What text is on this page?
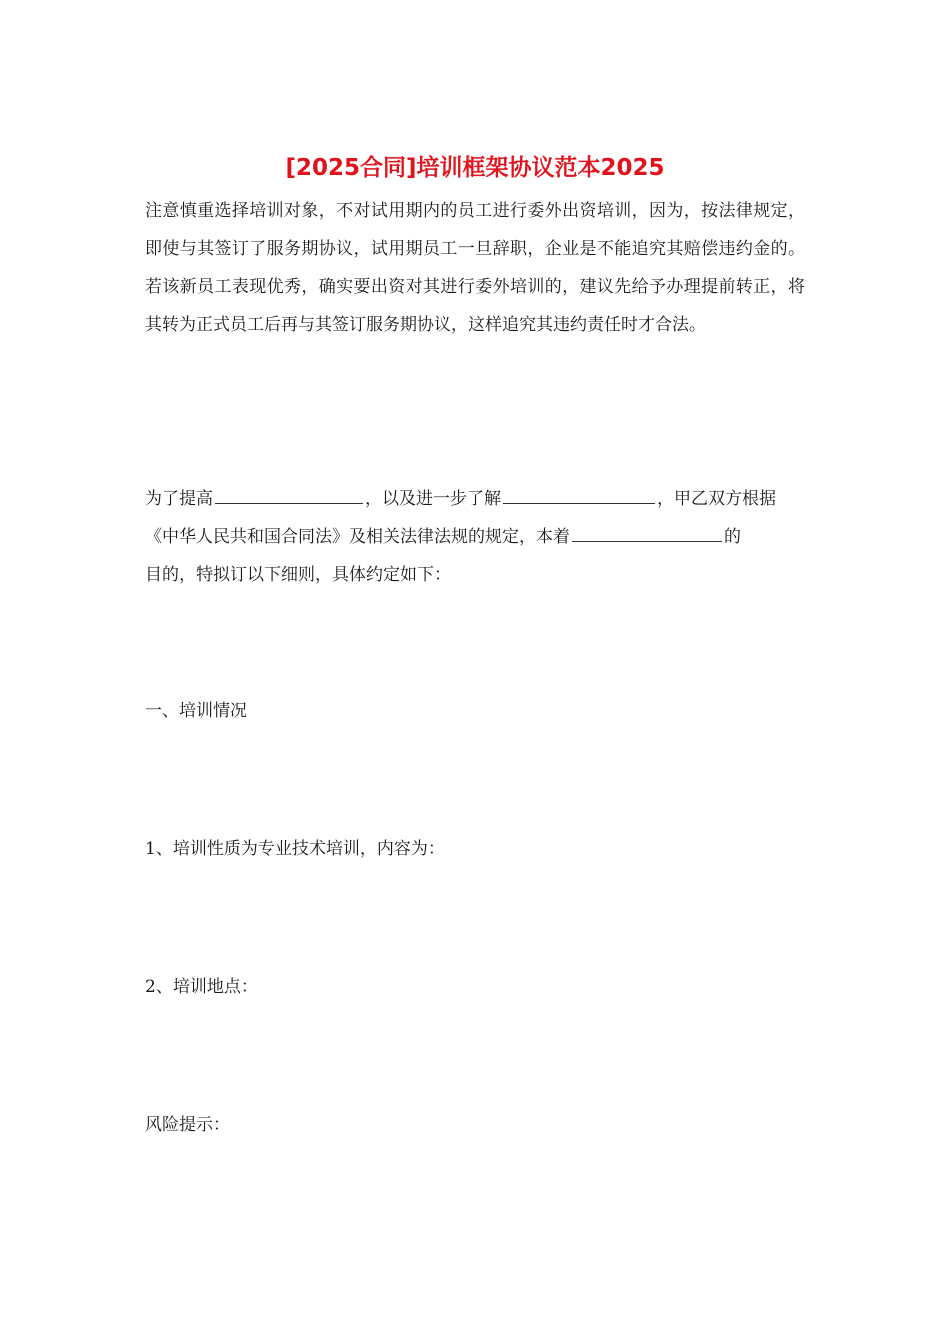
[2025合同]培训框架协议范本2025

注意慎重选择培训对象，不对试用期内的员工进行委外出资培训，因为，按法律规定，即使与其签订了服务期协议，试用期员工一旦辞职，企业是不能追究其赔偿违约金的。若该新员工表现优秀，确实要出资对其进行委外培训的，建议先给予办理提前转正，将其转为正式员工后再与其签订服务期协议，这样追究其违约责任时才合法。

为了提高	，以及进一步了解	，甲乙双方根据
《中华人民共和国合同法》及相关法律法规的规定，本着	的
目的，特拟订以下细则，具体约定如下：
一、培训情况
1、培训性质为专业技术培训，内容为：
2、培训地点：
风险提示：
